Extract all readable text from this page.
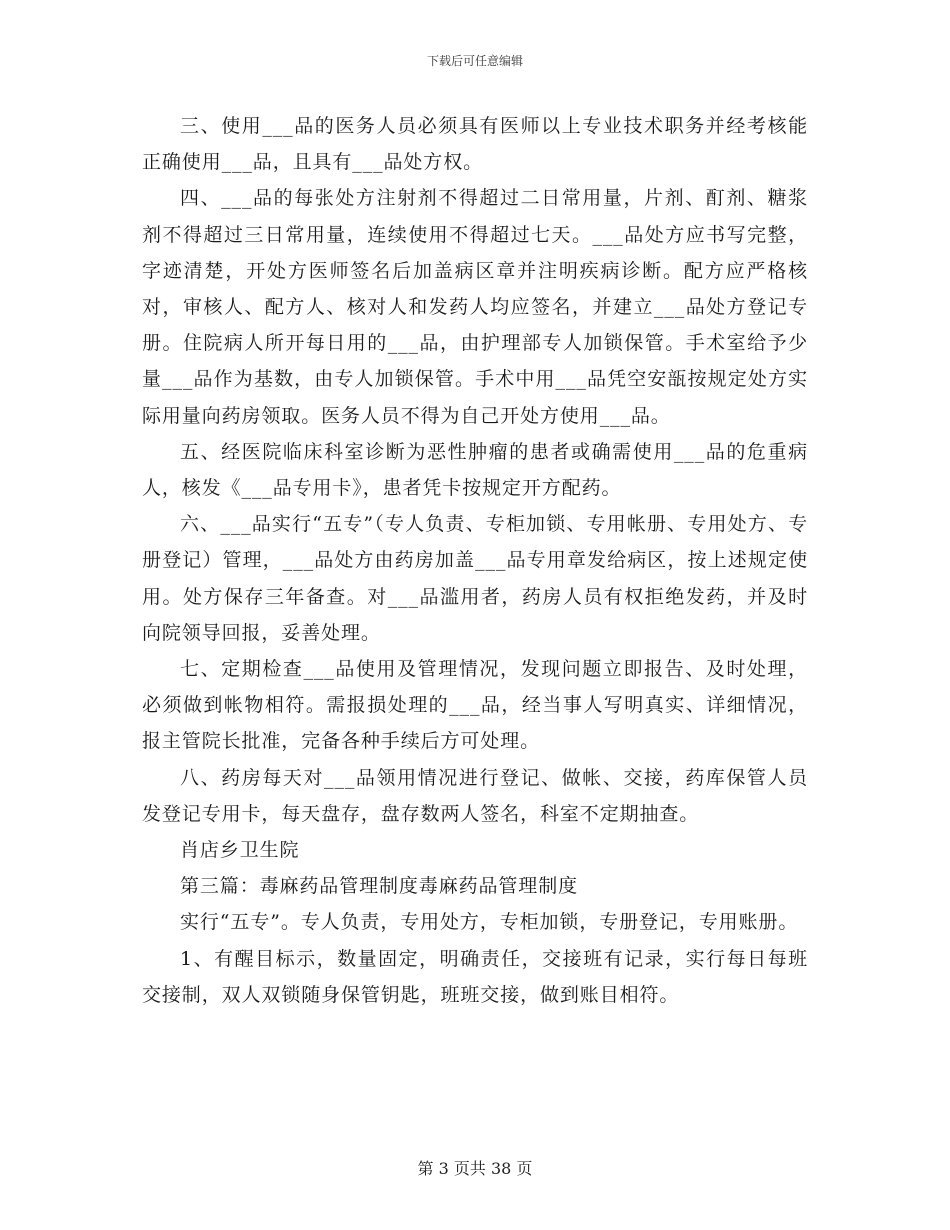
下载后可任意编辑

三、使用___品的医务人员必须具有医师以上专业技术职务并经考核能正确使用___品，且具有___品处方权。

四、___品的每张处方注射剂不得超过二日常用量，片剂、酊剂、糖浆剂不得超过三日常用量，连续使用不得超过七天。___品处方应书写完整，字迹清楚，开处方医师签名后加盖病区章并注明疾病诊断。配方应严格核对，审核人、配方人、核对人和发药人均应签名，并建立___品处方登记专册。住院病人所开每日用的___品，由护理部专人加锁保管。手术室给予少量___品作为基数，由专人加锁保管。手术中用___品凭空安瓿按规定处方实际用量向药房领取。医务人员不得为自己开处方使用___品。

五、经医院临床科室诊断为恶性肿瘤的患者或确需使用___品的危重病人，核发《___品专用卡》，患者凭卡按规定开方配药。

六、___品实行“五专”（专人负责、专柜加锁、专用帐册、专用处方、专册登记）管理，___品处方由药房加盖___品专用章发给病区，按上述规定使用。处方保存三年备查。对___品滥用者，药房人员有权拒绝发药，并及时向院领导回报，妥善处理。

七、定期检查___品使用及管理情况，发现问题立即报告、及时处理，必须做到帐物相符。需报损处理的___品，经当事人写明真实、详细情况，报主管院长批准，完备各种手续后方可处理。

八、药房每天对___品领用情况进行登记、做帐、交接，药库保管人员发登记专用卡，每天盘存，盘存数两人签名，科室不定期抽查。

肖店乡卫生院

第三篇：毒麻药品管理制度毒麻药品管理制度

实行“五专”。专人负责，专用处方，专柜加锁，专册登记，专用账册。

1、有醒目标示，数量固定，明确责任，交接班有记录，实行每日每班交接制，双人双锁随身保管钥匙，班班交接，做到账目相符。

第 3 页共 38 页
